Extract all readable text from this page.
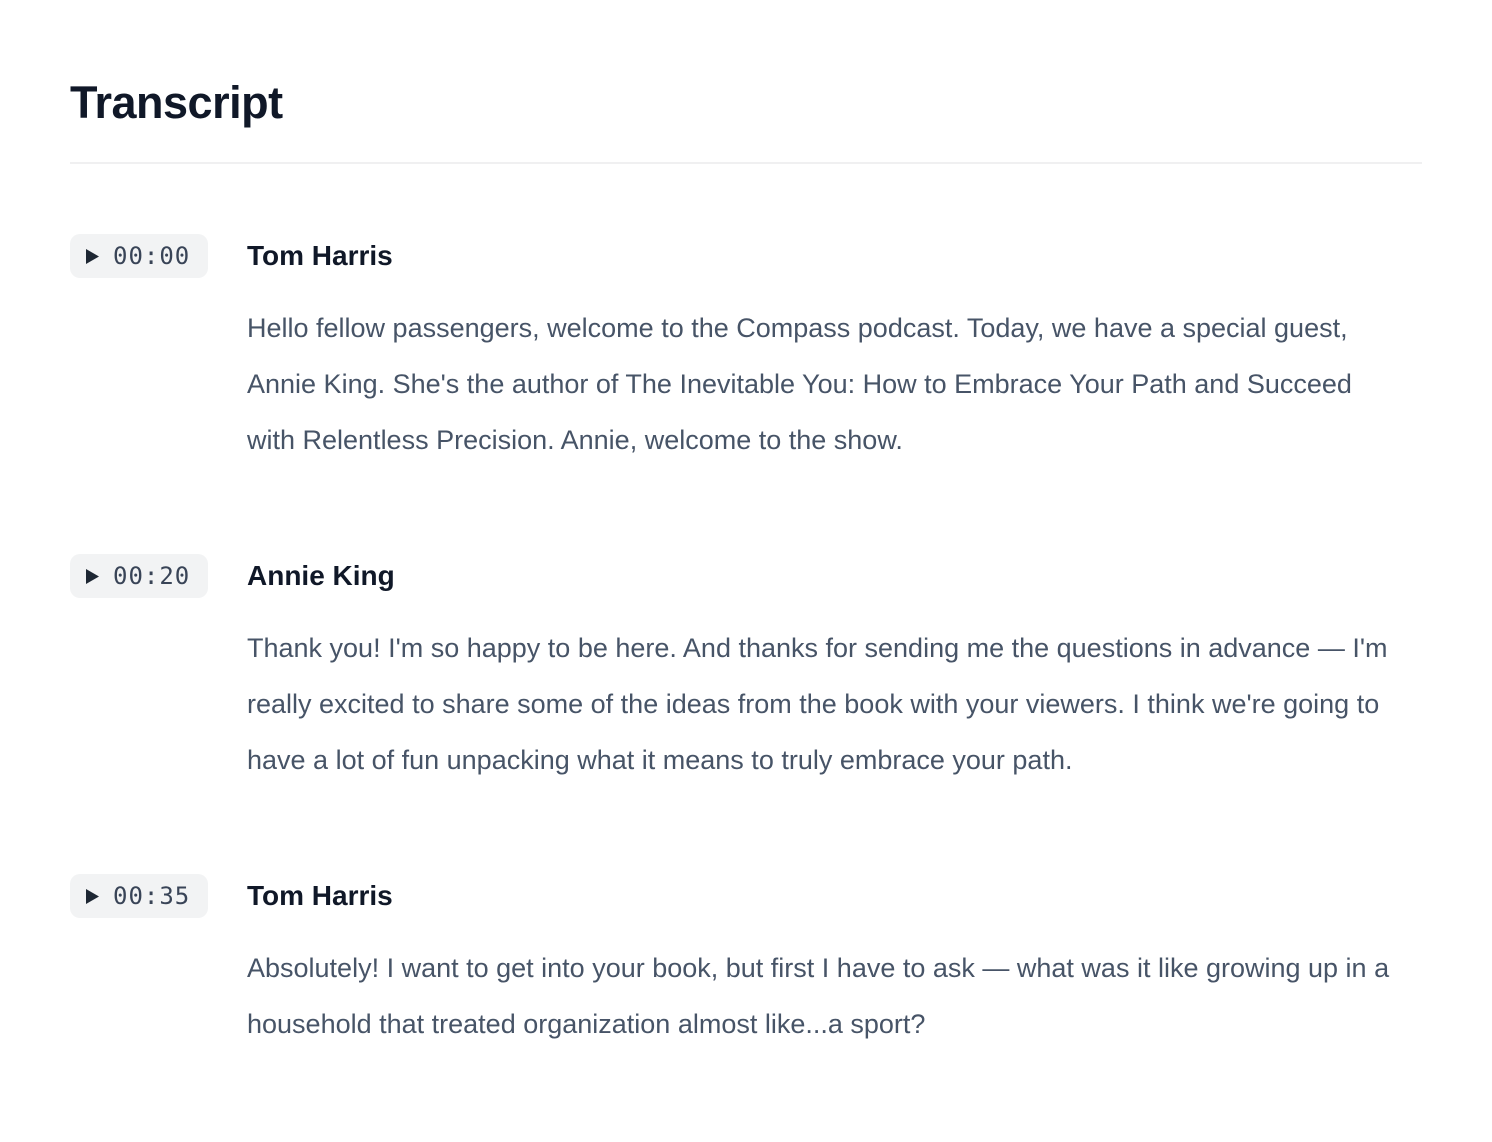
Transcript
00:00 Tom Harris

Hello fellow passengers, welcome to the Compass podcast. Today, we have a special guest, Annie King. She's the author of The Inevitable You: How to Embrace Your Path and Succeed with Relentless Precision. Annie, welcome to the show.

00:20 Annie King

Thank you! I'm so happy to be here. And thanks for sending me the questions in advance — I'm really excited to share some of the ideas from the book with your viewers. I think we're going to have a lot of fun unpacking what it means to truly embrace your path.

00:35 Tom Harris

Absolutely! I want to get into your book, but first I have to ask — what was it like growing up in a household that treated organization almost like...a sport?
